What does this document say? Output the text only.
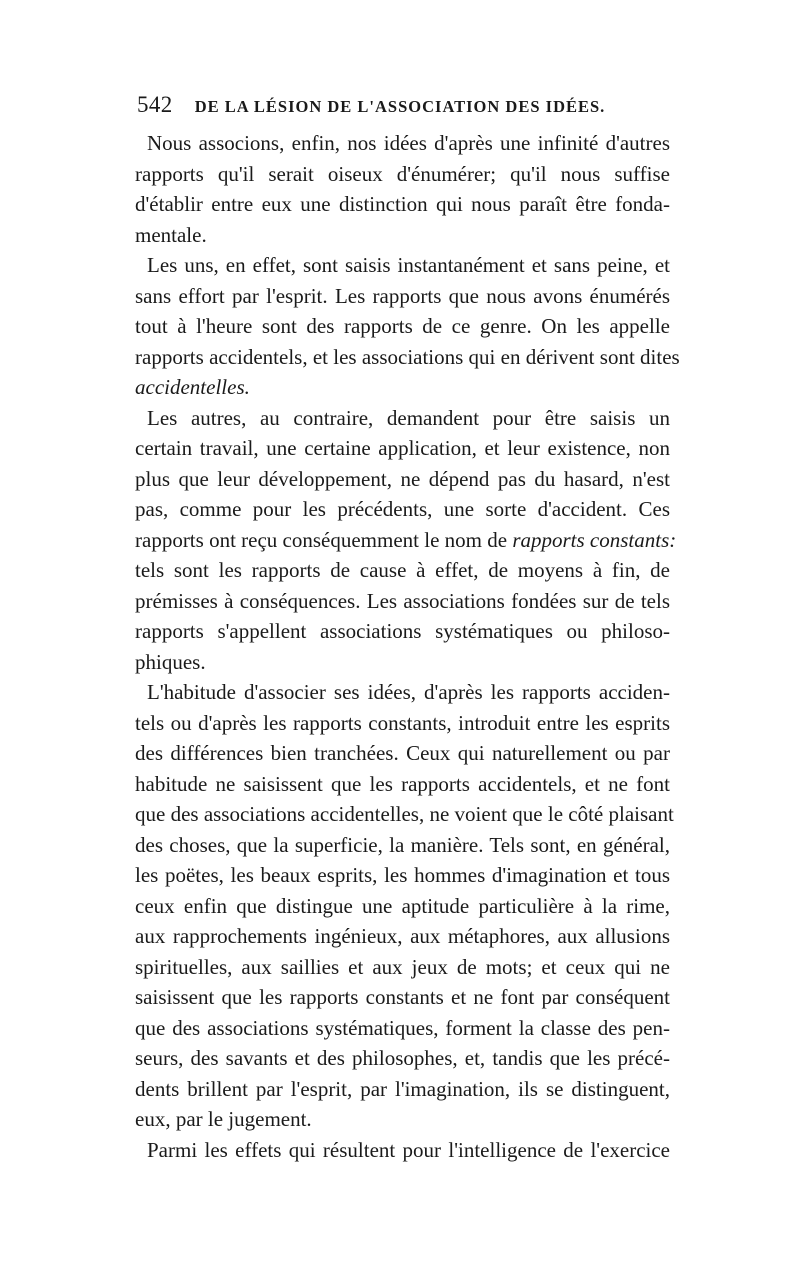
542 DE LA LÉSION DE L'ASSOCIATION DES IDÉES.

Nous associons, enfin, nos idées d'après une infinité d'autres
rapports qu'il serait oiseux d'énumérer; qu'il nous suffise
d'établir entre eux une distinction qui nous paraît être fonda-
mentale.

Les uns, en effet, sont saisis instantanément et sans peine, et
sans effort par l'esprit. Les rapports que nous avons énumérés
tout à l'heure sont des rapports de ce genre. On les appelle
rapports accidentels, et les associations qui en dérivent sont dites
accidentelles.

Les autres, au contraire, demandent pour être saisis un
certain travail, une certaine application, et leur existence, non
plus que leur développement, ne dépend pas du hasard, n'est
pas, comme pour les précédents, une sorte d'accident. Ces
rapports ont reçu conséquemment le nom de rapports constants:
tels sont les rapports de cause à effet, de moyens à fin, de
prémisses à conséquences. Les associations fondées sur de tels
rapports s'appellent associations systématiques ou philoso-
phiques.

L'habitude d'associer ses idées, d'après les rapports acciden-
tels ou d'après les rapports constants, introduit entre les esprits
des différences bien tranchées. Ceux qui naturellement ou par
habitude ne saisissent que les rapports accidentels, et ne font
que des associations accidentelles, ne voient que le côté plaisant
des choses, que la superficie, la manière. Tels sont, en général,
les poëtes, les beaux esprits, les hommes d'imagination et tous
ceux enfin que distingue une aptitude particulière à la rime,
aux rapprochements ingénieux, aux métaphores, aux allusions
spirituelles, aux saillies et aux jeux de mots; et ceux qui ne
saisissent que les rapports constants et ne font par conséquent
que des associations systématiques, forment la classe des pen-
seurs, des savants et des philosophes, et, tandis que les précé-
dents brillent par l'esprit, par l'imagination, ils se distinguent,
eux, par le jugement.

Parmi les effets qui résultent pour l'intelligence de l'exercice
